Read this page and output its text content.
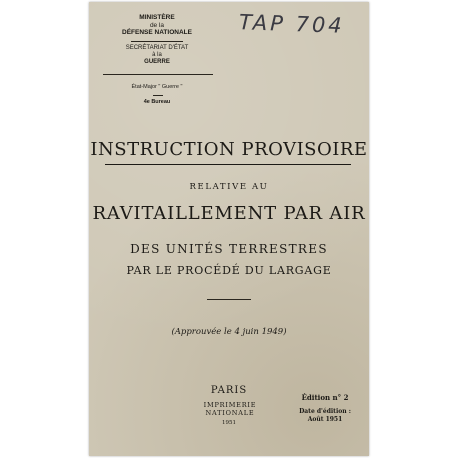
MINISTÈRE
de la
DÉFENSE NATIONALE
SECRÉTARIAT D'ÉTAT
à la
GUERRE
État-Major " Guerre "
4e Bureau
TAP 704
INSTRUCTION PROVISOIRE
RELATIVE AU
RAVITAILLEMENT PAR AIR
DES UNITÉS TERRESTRES
PAR LE PROCÉDÉ DU LARGAGE
(Approuvée le 4 juin 1949)
PARIS
IMPRIMERIE NATIONALE
1951
Édition n° 2
Date d'édition :
Août 1951
